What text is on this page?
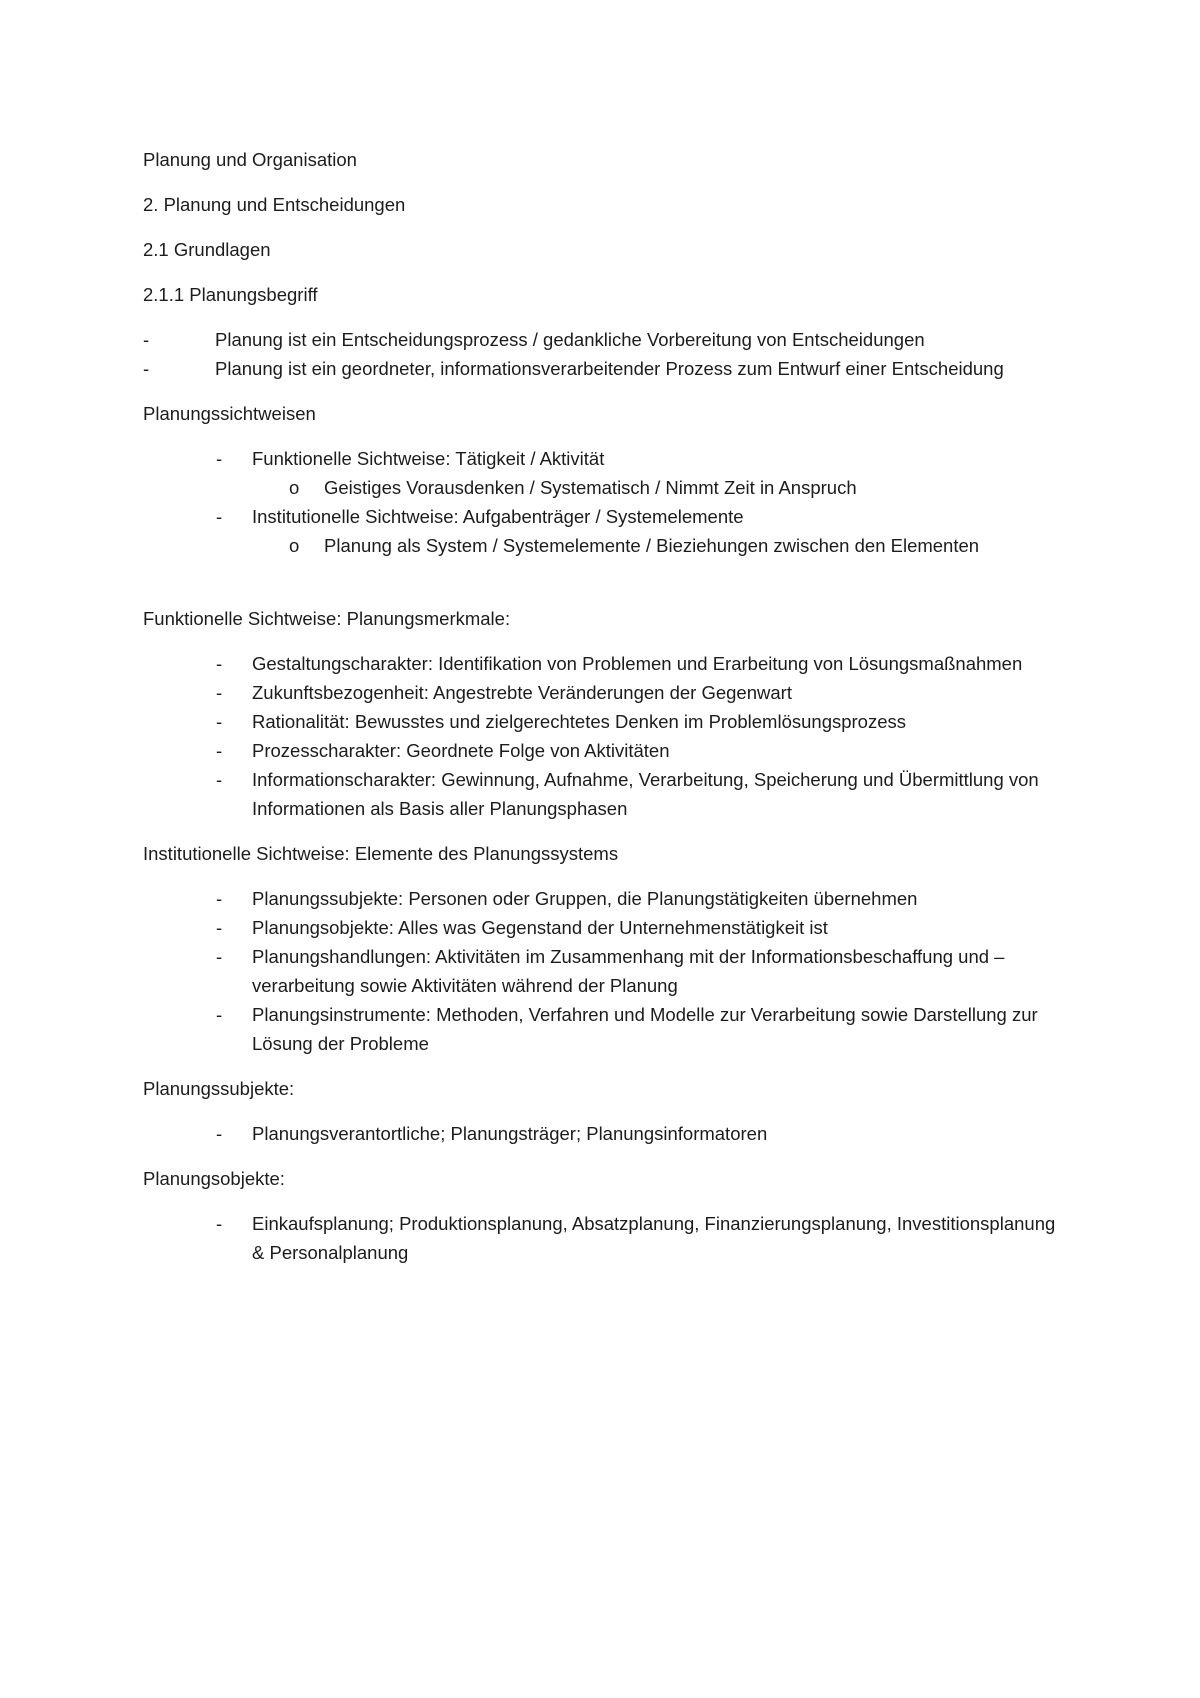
Planung und Organisation

2. Planung und Entscheidungen

2.1 Grundlagen

2.1.1 Planungsbegriff

-	Planung ist ein Entscheidungsprozess / gedankliche Vorbereitung von Entscheidungen

-	Planung ist ein geordneter, informationsverarbeitender Prozess zum Entwurf einer Entscheidung

Planungssichtweisen

- Funktionelle Sichtweise: Tätigkeit / Aktivität
o Geistiges Vorausdenken / Systematisch / Nimmt Zeit in Anspruch
- Institutionelle Sichtweise: Aufgabenträger / Systemelemente
o Planung als System / Systemelemente / Bieziehungen zwischen den Elementen

Funktionelle Sichtweise: Planungsmerkmale:

- Gestaltungscharakter: Identifikation von Problemen und Erarbeitung von Lösungsmaßnahmen
- Zukunftsbezogenheit: Angestrebte Veränderungen der Gegenwart
- Rationalität: Bewusstes und zielgerechtetes Denken im Problemlösungsprozess
- Prozesscharakter: Geordnete Folge von Aktivitäten
- Informationscharakter: Gewinnung, Aufnahme, Verarbeitung, Speicherung und Übermittlung von Informationen als Basis aller Planungsphasen

Institutionelle Sichtweise: Elemente des Planungssystems

- Planungssubjekte: Personen oder Gruppen, die Planungstätigkeiten übernehmen
- Planungsobjekte: Alles was Gegenstand der Unternehmenstätigkeit ist
- Planungshandlungen: Aktivitäten im Zusammenhang mit der Informationsbeschaffung und –verarbeitung sowie Aktivitäten während der Planung
- Planungsinstrumente: Methoden, Verfahren und Modelle zur Verarbeitung sowie Darstellung zur Lösung der Probleme

Planungssubjekte:

- Planungsverantortliche; Planungsträger; Planungsinformatoren

Planungsobjekte:

- Einkaufsplanung; Produktionsplanung, Absatzplanung, Finanzierungsplanung, Investitionsplanung & Personalplanung
